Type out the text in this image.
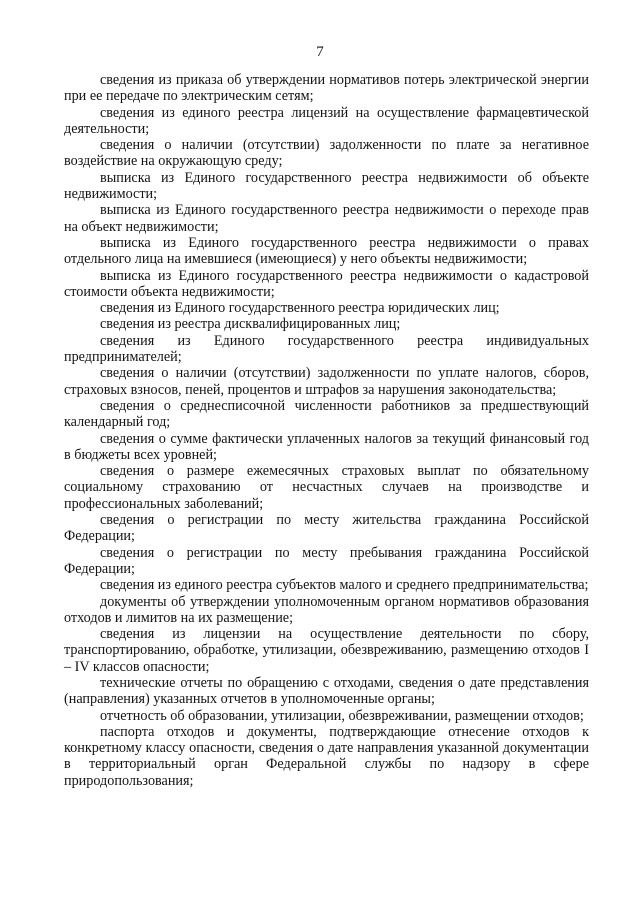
7

сведения из приказа об утверждении нормативов потерь электрической энергии при ее передаче по электрическим сетям;

сведения из единого реестра лицензий на осуществление фармацевтической деятельности;

сведения о наличии (отсутствии) задолженности по плате за негативное воздействие на окружающую среду;

выписка из Единого государственного реестра недвижимости об объекте недвижимости;

выписка из Единого государственного реестра недвижимости о переходе прав на объект недвижимости;

выписка из Единого государственного реестра недвижимости о правах отдельного лица на имевшиеся (имеющиеся) у него объекты недвижимости;

выписка из Единого государственного реестра недвижимости о кадастровой стоимости объекта недвижимости;

сведения из Единого государственного реестра юридических лиц;

сведения из реестра дисквалифицированных лиц;

сведения из Единого государственного реестра индивидуальных предпринимателей;

сведения о наличии (отсутствии) задолженности по уплате налогов, сборов, страховых взносов, пеней, процентов и штрафов за нарушения законодательства;

сведения о среднесписочной численности работников за предшествующий календарный год;

сведения о сумме фактически уплаченных налогов за текущий финансовый год в бюджеты всех уровней;

сведения о размере ежемесячных страховых выплат по обязательному социальному страхованию от несчастных случаев на производстве и профессиональных заболеваний;

сведения о регистрации по месту жительства гражданина Российской Федерации;

сведения о регистрации по месту пребывания гражданина Российской Федерации;

сведения из единого реестра субъектов малого и среднего предпринимательства;

документы об утверждении уполномоченным органом нормативов образования отходов и лимитов на их размещение;

сведения из лицензии на осуществление деятельности по сбору, транспортированию, обработке, утилизации, обезвреживанию, размещению отходов I – IV классов опасности;

технические отчеты по обращению с отходами, сведения о дате представления (направления) указанных отчетов в уполномоченные органы;

отчетность об образовании, утилизации, обезвреживании, размещении отходов;

паспорта отходов и документы, подтверждающие отнесение отходов к конкретному классу опасности, сведения о дате направления указанной документации в территориальный орган Федеральной службы по надзору в сфере природопользования;
